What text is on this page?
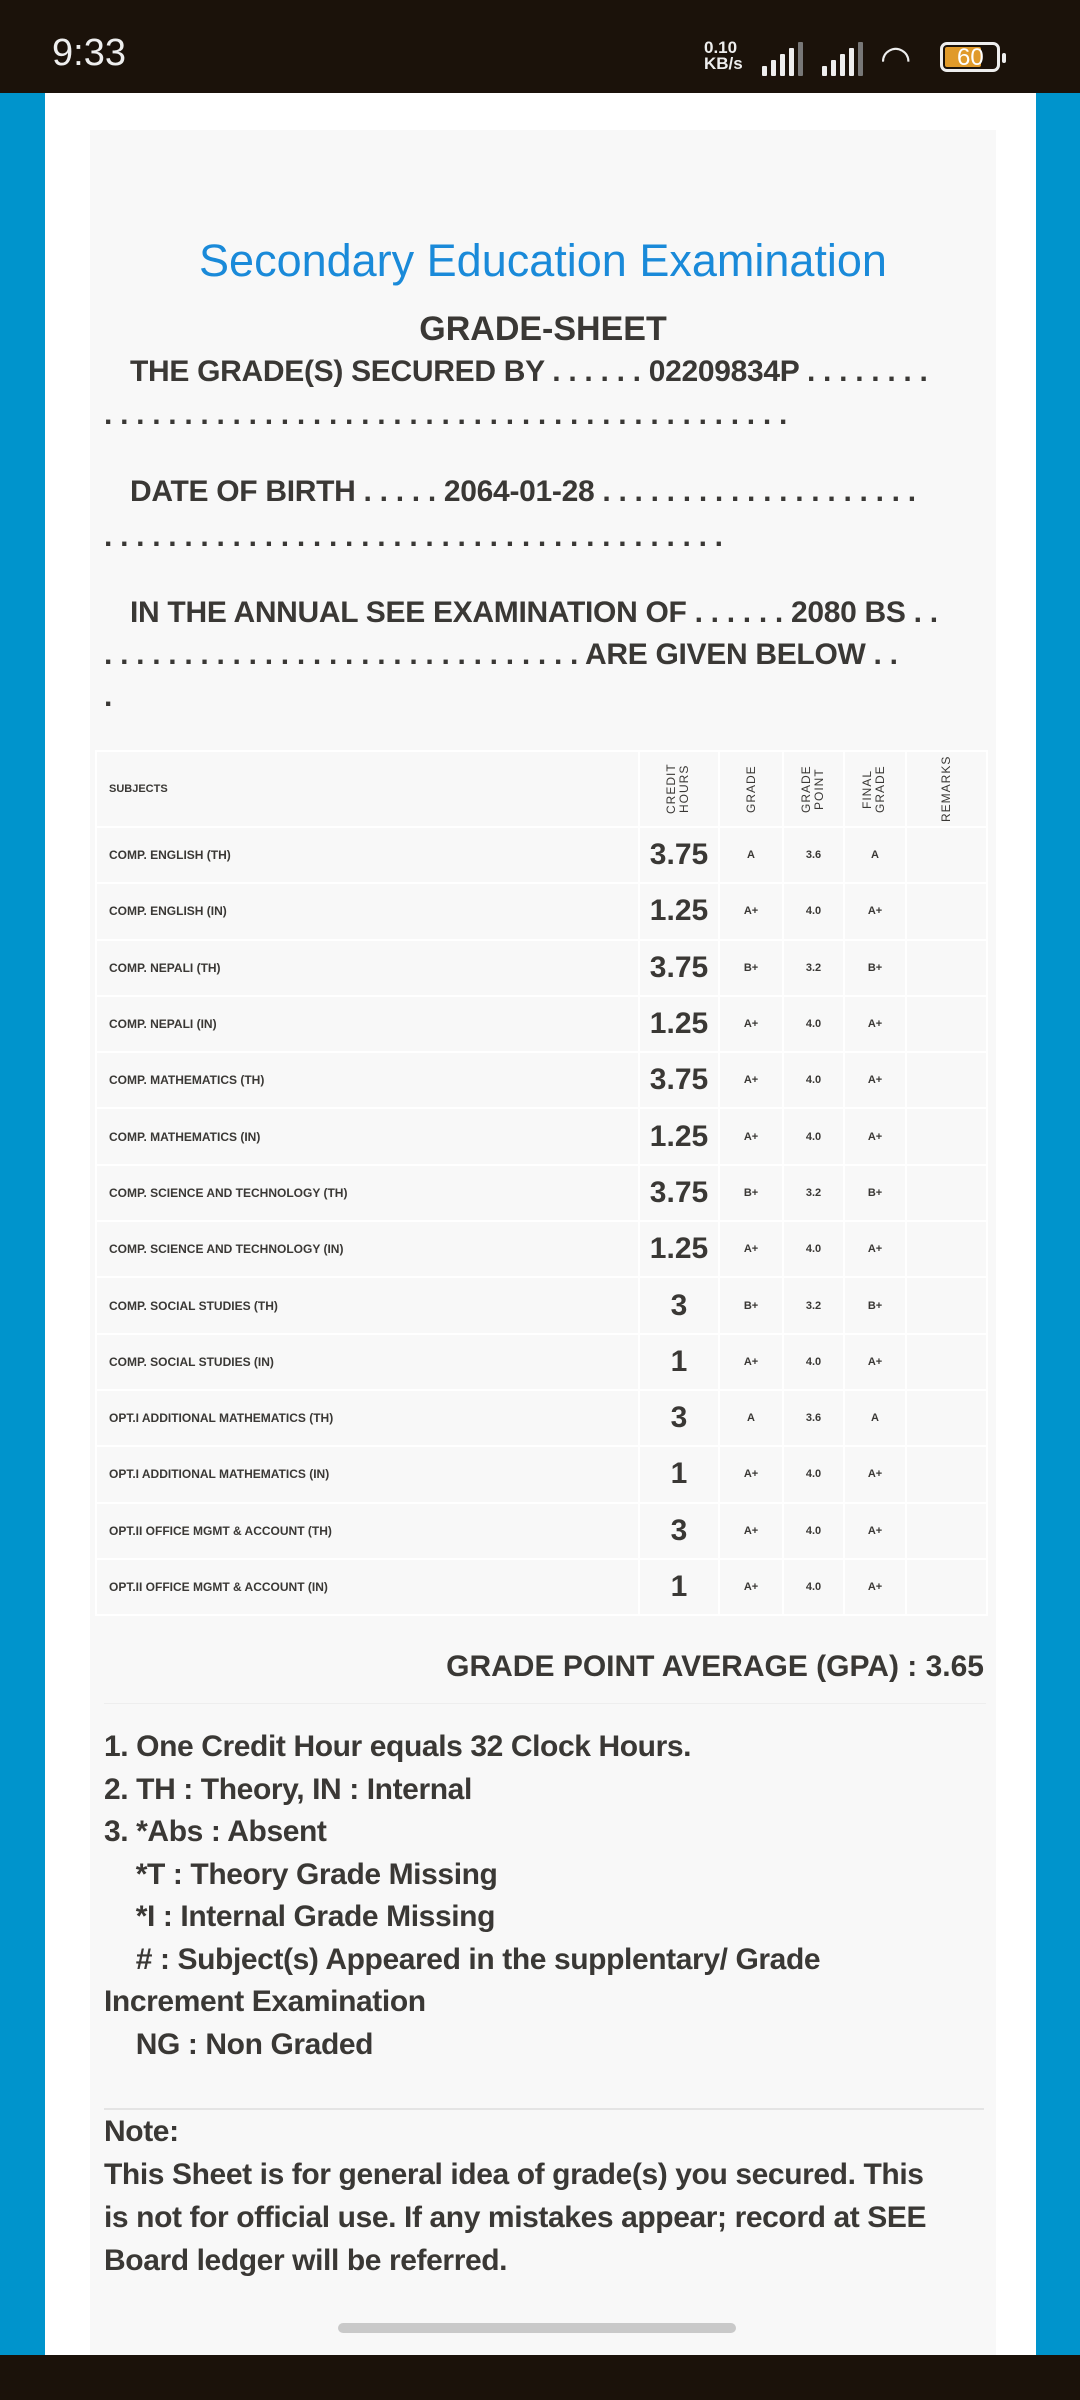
9:33	0.10
KB/s	◠ 60
Secondary Education Examination
GRADE-SHEET
THE GRADE(S) SECURED BY . . . . . . 02209834P . . . . . . . .
. . . . . . . . . . . . . . . . . . . . . . . . . . . . . . . . . . . . . . . . . . .
DATE OF BIRTH . . . . . 2064-01-28 . . . . . . . . . . . . . . . . . . . .
. . . . . . . . . . . . . . . . . . . . . . . . . . . . . . . . . . . . . . .
IN THE ANNUAL SEE EXAMINATION OF . . . . . . 2080 BS . .
. . . . . . . . . . . . . . . . . . . . . . . . . . . . . . ARE GIVEN BELOW . .
.
SUBJECTS	CREDIT HOURS	GRADE	GRADE POINT	FINAL GRADE	REMARKS

COMP. ENGLISH (TH)	3.75	A	3.6	A	
COMP. ENGLISH (IN)	1.25	A+	4.0	A+	
COMP. NEPALI (TH)	3.75	B+	3.2	B+	
COMP. NEPALI (IN)	1.25	A+	4.0	A+	
COMP. MATHEMATICS (TH)	3.75	A+	4.0	A+	
COMP. MATHEMATICS (IN)	1.25	A+	4.0	A+	
COMP. SCIENCE AND TECHNOLOGY (TH)	3.75	B+	3.2	B+	
COMP. SCIENCE AND TECHNOLOGY (IN)	1.25	A+	4.0	A+	
COMP. SOCIAL STUDIES (TH)	3	B+	3.2	B+	
COMP. SOCIAL STUDIES (IN)	1	A+	4.0	A+	
OPT.I ADDITIONAL MATHEMATICS (TH)	3	A	3.6	A	
OPT.I ADDITIONAL MATHEMATICS (IN)	1	A+	4.0	A+	
OPT.II OFFICE MGMT & ACCOUNT (TH)	3	A+	4.0	A+	
OPT.II OFFICE MGMT & ACCOUNT (IN)	1	A+	4.0	A+	
GRADE POINT AVERAGE (GPA) : 3.65
1. One Credit Hour equals 32 Clock Hours.
2. TH : Theory, IN : Internal
3. *Abs : Absent
*T : Theory Grade Missing
*I : Internal Grade Missing
# : Subject(s) Appeared in the supplentary/ Grade
Increment Examination
NG : Non Graded
Note:
This Sheet is for general idea of grade(s) you secured. This
is not for official use. If any mistakes appear; record at SEE
Board ledger will be referred.
